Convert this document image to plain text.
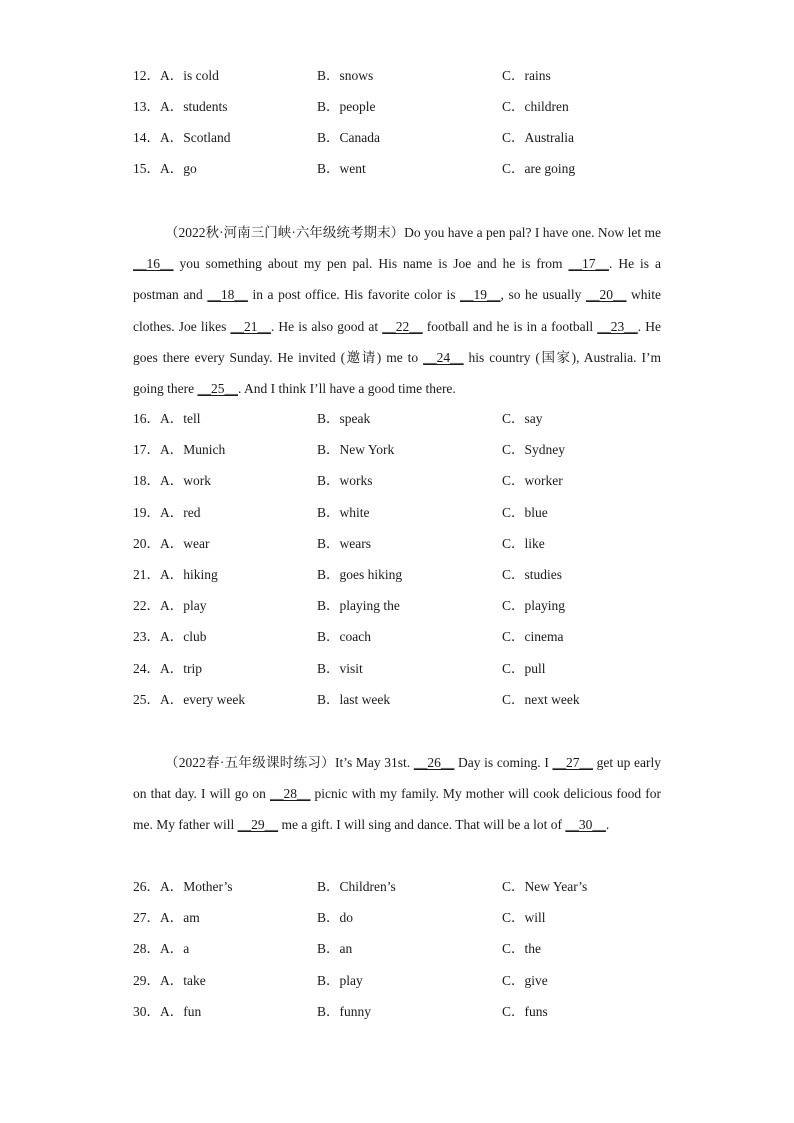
12． A．is cold	B．snows	C．rains
13． A．students	B．people	C．children
14． A．Scotland	B．Canada	C．Australia
15． A．go	B．went	C．are going

（2022秋·河南三门峡·六年级统考期末）Do you have a pen pal? I have one. Now let me __16__ you something about my pen pal. His name is Joe and he is from __17__. He is a postman and __18__ in a post office. His favorite color is __19__, so he usually __20__ white clothes. Joe likes __21__. He is also good at __22__ football and he is in a football __23__. He goes there every Sunday. He invited (邀请) me to __24__ his country (国家), Australia. I’m going there __25__. And I think I’ll have a good time there.

16． A．tell	B．speak	C．say
17． A．Munich	B．New York	C．Sydney
18． A．work	B．works	C．worker
19． A．red	B．white	C．blue
20． A．wear	B．wears	C．like
21． A．hiking	B．goes hiking	C．studies
22． A．play	B．playing the	C．playing
23． A．club	B．coach	C．cinema
24． A．trip	B．visit	C．pull
25． A．every week	B．last week	C．next week

（2022春·五年级课时练习）It’s May 31st. __26__ Day is coming. I __27__ get up early on that day. I will go on __28__ picnic with my family. My mother will cook delicious food for me. My father will __29__ me a gift. I will sing and dance. That will be a lot of __30__.

26． A．Mother’s	B．Children’s	C．New Year’s
27． A．am	B．do	C．will
28． A．a	B．an	C．the
29． A．take	B．play	C．give
30． A．fun	B．funny	C．funs
